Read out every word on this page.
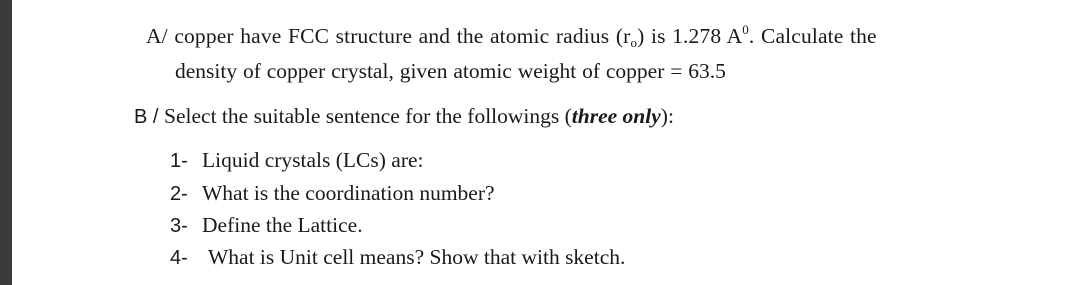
A/ copper have FCC structure and the atomic radius $(r_o)$ is 1.278 $A^0$. Calculate the
density of copper crystal, given atomic weight of copper = 63.5
B / Select the suitable sentence for the followings (three only):
1- Liquid crystals (LCs) are:
2- What is the coordination number?
3- Define the Lattice.
4- What is Unit cell means? Show that with sketch.
